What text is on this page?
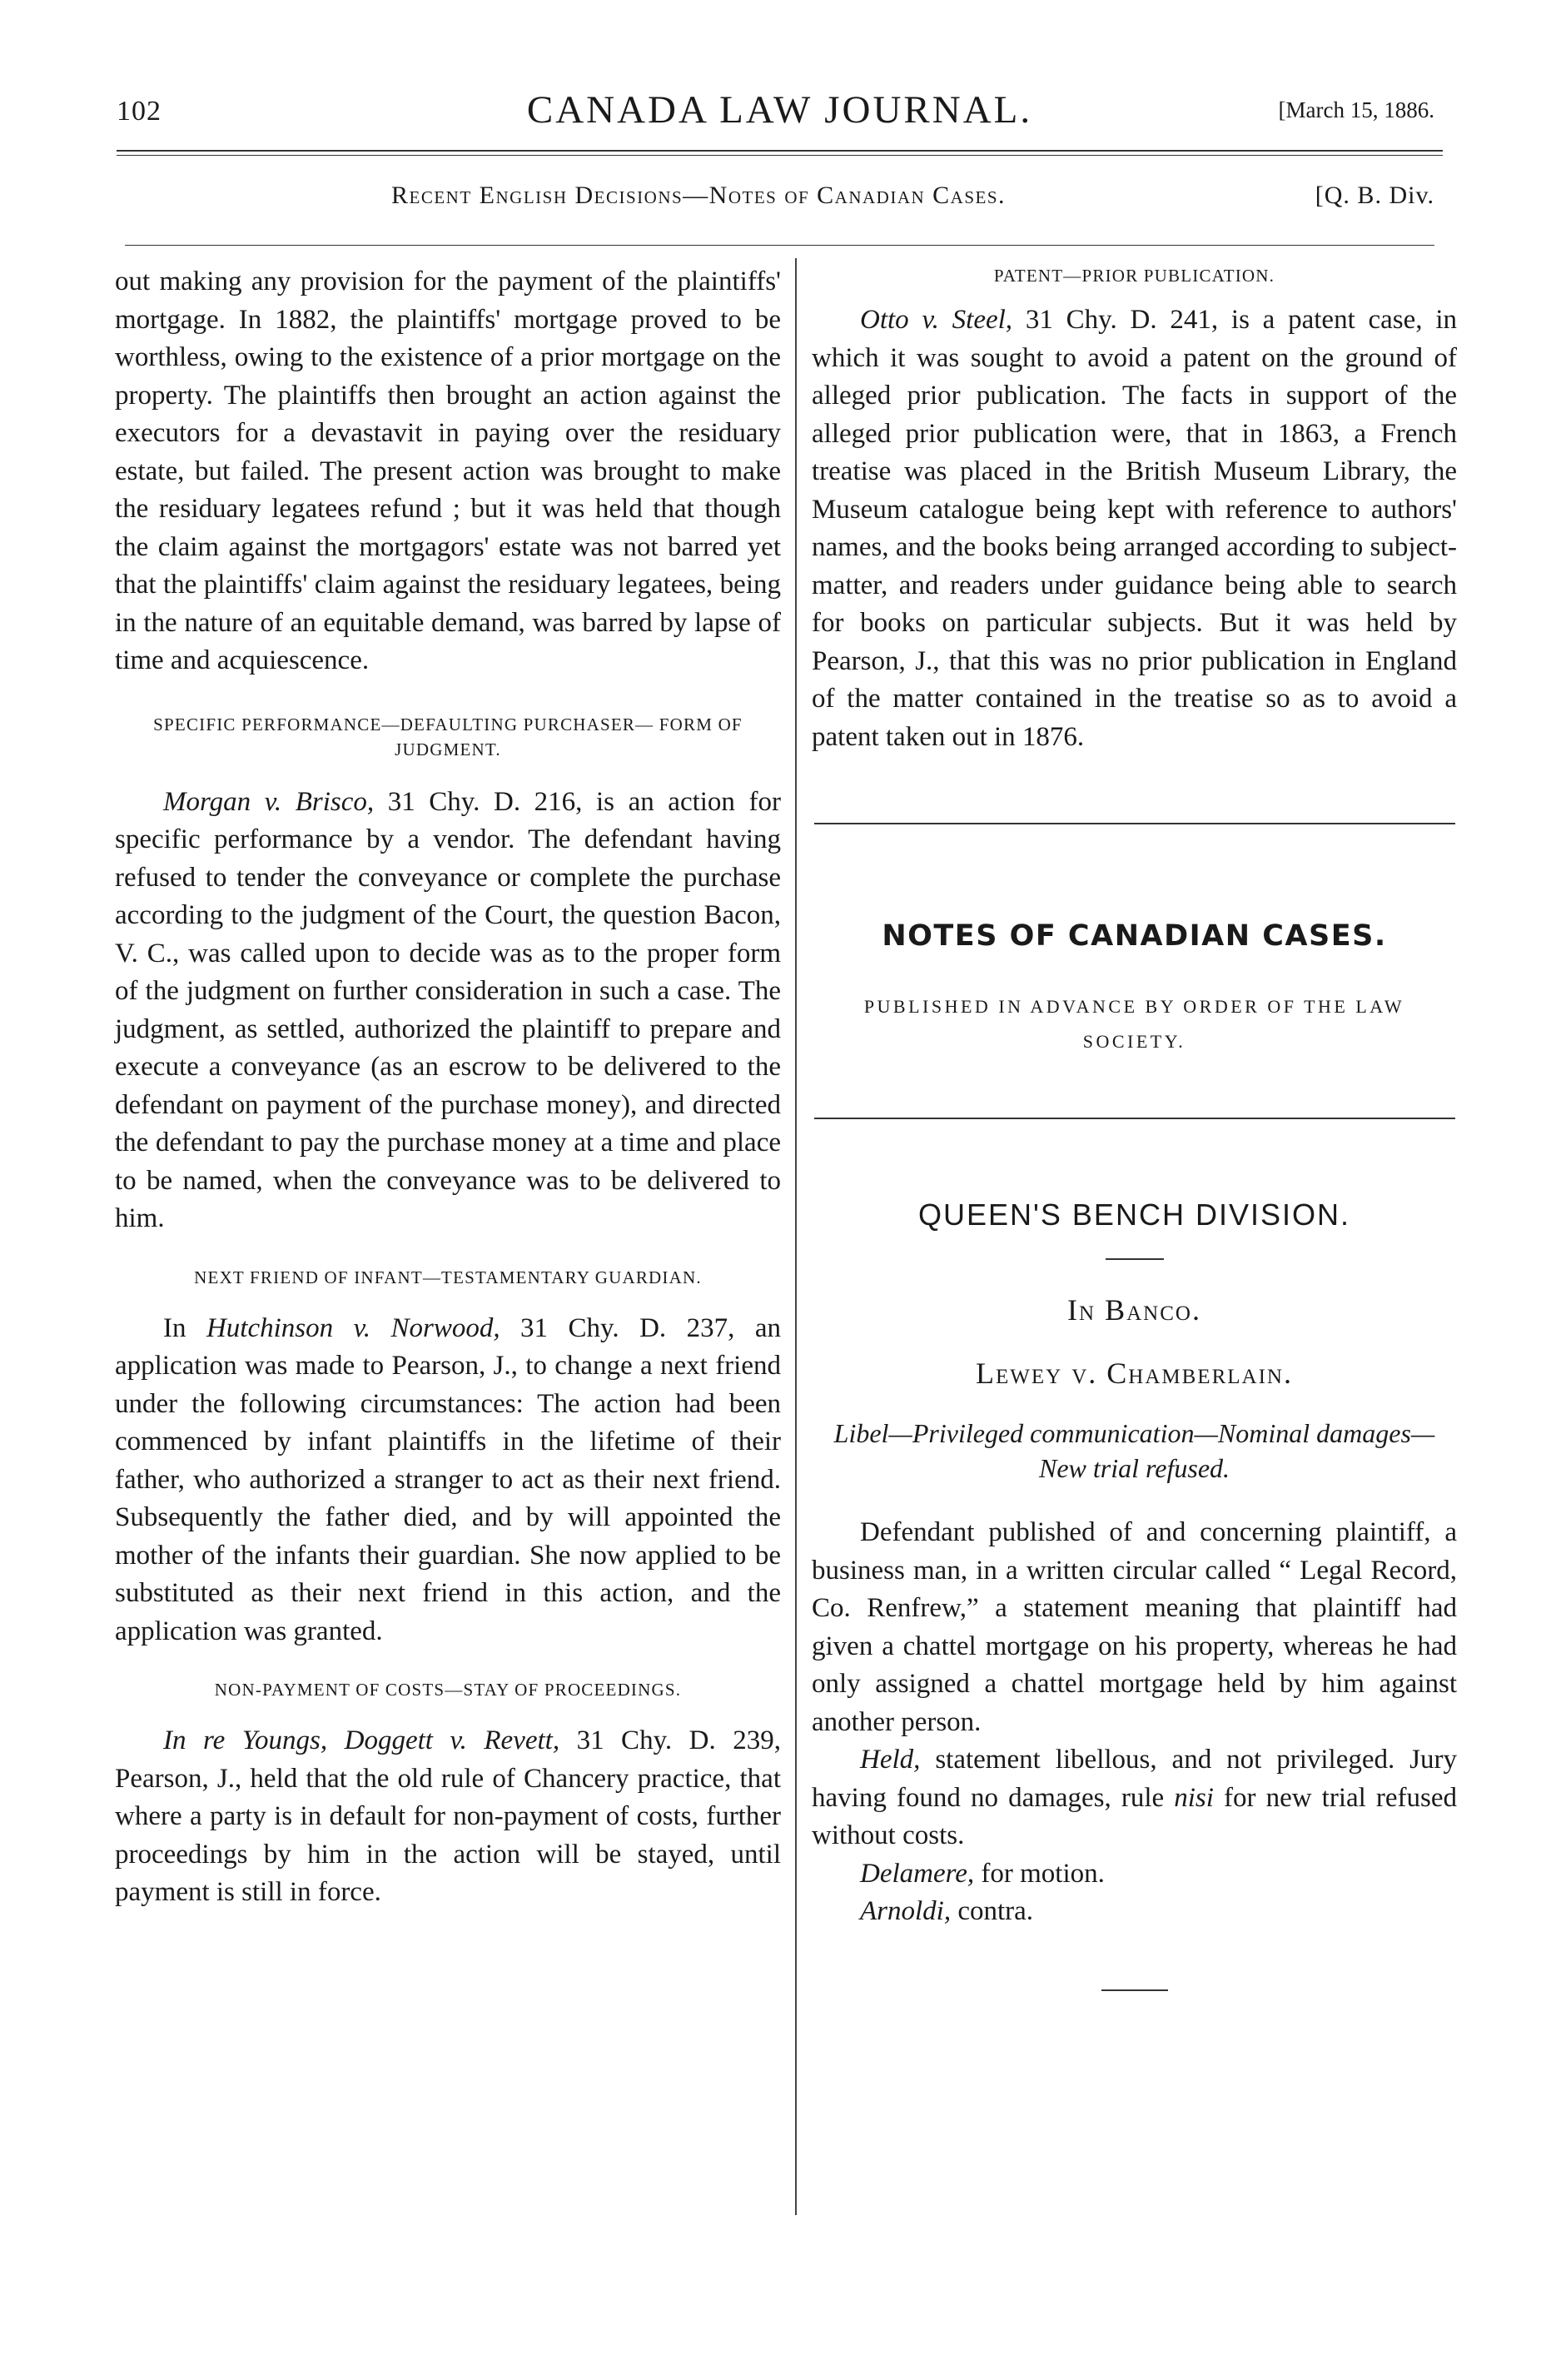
102	CANADA LAW JOURNAL.	[March 15, 1886.
Recent English Decisions—Notes of Canadian Cases.	[Q. B. Div.

out making any provision for the payment of the plaintiffs' mortgage. In 1882, the plaintiffs' mortgage proved to be worthless, owing to the existence of a prior mortgage on the property. The plaintiffs then brought an action against the executors for a devastavit in paying over the residuary estate, but failed. The present action was brought to make the residuary legatees refund ; but it was held that though the claim against the mortgagors' estate was not barred yet that the plaintiffs' claim against the residuary legatees, being in the nature of an equitable demand, was barred by lapse of time and acquiescence.

SPECIFIC PERFORMANCE—DEFAULTING PURCHASER— FORM OF JUDGMENT.

Morgan v. Brisco, 31 Chy. D. 216, is an action for specific performance by a vendor. The defendant having refused to tender the conveyance or complete the purchase according to the judgment of the Court, the question Bacon, V. C., was called upon to decide was as to the proper form of the judgment on further consideration in such a case. The judgment, as settled, authorized the plaintiff to prepare and execute a conveyance (as an escrow to be delivered to the defendant on payment of the purchase money), and directed the defendant to pay the purchase money at a time and place to be named, when the conveyance was to be delivered to him.

NEXT FRIEND OF INFANT—TESTAMENTARY GUARDIAN.

In Hutchinson v. Norwood, 31 Chy. D. 237, an application was made to Pearson, J., to change a next friend under the following circumstances: The action had been commenced by infant plaintiffs in the lifetime of their father, who authorized a stranger to act as their next friend. Subsequently the father died, and by will appointed the mother of the infants their guardian. She now applied to be substituted as their next friend in this action, and the application was granted.

NON-PAYMENT OF COSTS—STAY OF PROCEEDINGS.

In re Youngs, Doggett v. Revett, 31 Chy. D. 239, Pearson, J., held that the old rule of Chancery practice, that where a party is in default for non-payment of costs, further proceedings by him in the action will be stayed, until payment is still in force.

PATENT—PRIOR PUBLICATION.

Otto v. Steel, 31 Chy. D. 241, is a patent case, in which it was sought to avoid a patent on the ground of alleged prior publication. The facts in support of the alleged prior publication were, that in 1863, a French treatise was placed in the British Museum Library, the Museum catalogue being kept with reference to authors' names, and the books being arranged according to subject-matter, and readers under guidance being able to search for books on particular subjects. But it was held by Pearson, J., that this was no prior publication in England of the matter contained in the treatise so as to avoid a patent taken out in 1876.

NOTES OF CANADIAN CASES.

PUBLISHED IN ADVANCE BY ORDER OF THE LAW SOCIETY.

QUEEN'S BENCH DIVISION.

In Banco.

Lewey v. Chamberlain.

Libel—Privileged communication—Nominal damages—New trial refused.

Defendant published of and concerning plaintiff, a business man, in a written circular called “ Legal Record, Co. Renfrew,” a statement meaning that plaintiff had given a chattel mortgage on his property, whereas he had only assigned a chattel mortgage held by him against another person.

Held, statement libellous, and not privileged. Jury having found no damages, rule nisi for new trial refused without costs.

Delamere, for motion.

Arnoldi, contra.
